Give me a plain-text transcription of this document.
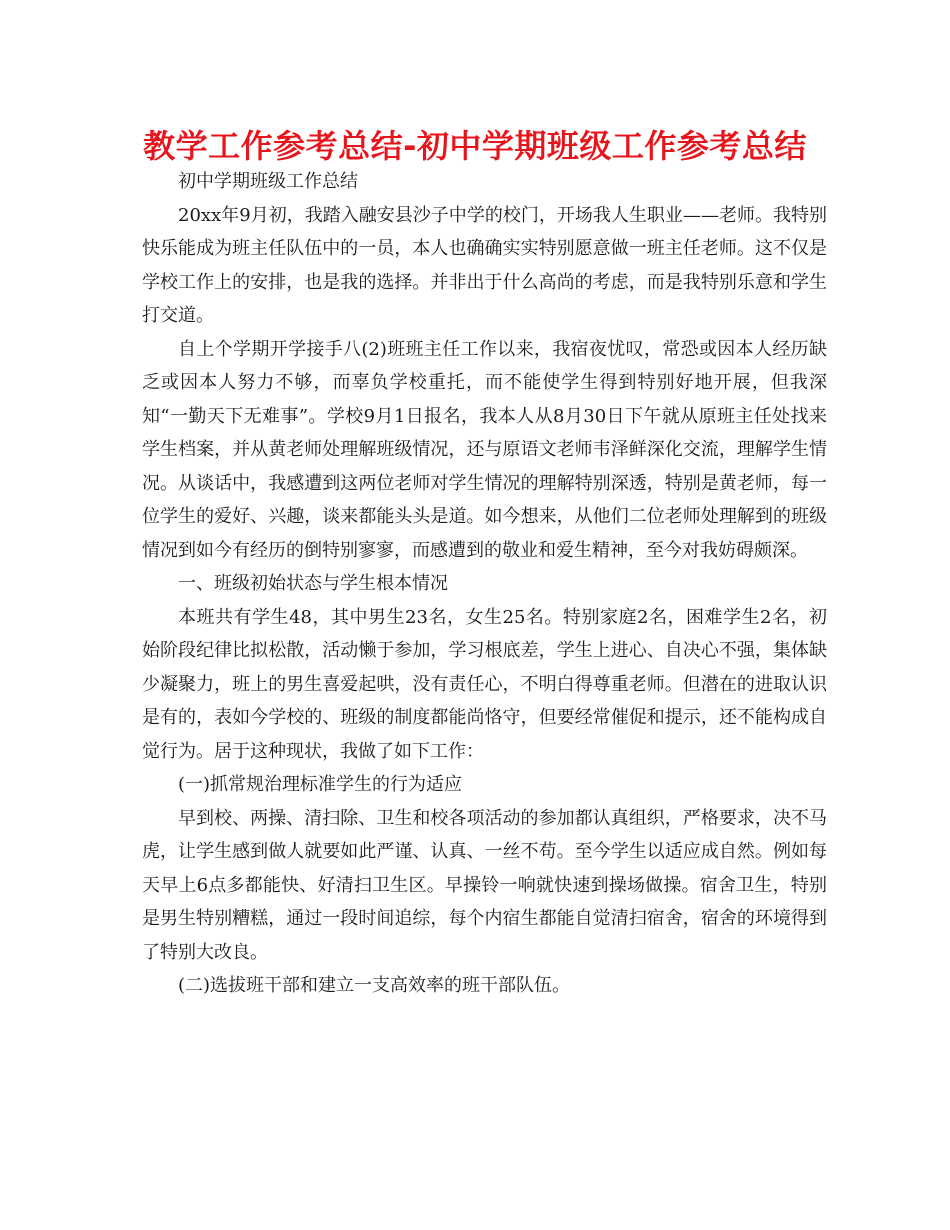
教学工作参考总结-初中学期班级工作参考总结

初中学期班级工作总结

20xx年9月初，我踏入融安县沙子中学的校门，开场我人生职业——老师。我特别快乐能成为班主任队伍中的一员，本人也确确实实特别愿意做一班主任老师。这不仅是学校工作上的安排，也是我的选择。并非出于什么高尚的考虑，而是我特别乐意和学生打交道。

自上个学期开学接手八(2)班班主任工作以来，我宿夜忧叹，常恐或因本人经历缺乏或因本人努力不够，而辜负学校重托，而不能使学生得到特别好地开展，但我深知“一勤天下无难事”。学校9月1日报名，我本人从8月30日下午就从原班主任处找来学生档案，并从黄老师处理解班级情况，还与原语文老师韦泽鲜深化交流，理解学生情况。从谈话中，我感遭到这两位老师对学生情况的理解特别深透，特别是黄老师，每一位学生的爱好、兴趣，谈来都能头头是道。如今想来，从他们二位老师处理解到的班级情况到如今有经历的倒特别寥寥，而感遭到的敬业和爱生精神，至今对我妨碍颇深。

一、班级初始状态与学生根本情况

本班共有学生48，其中男生23名，女生25名。特别家庭2名，困难学生2名，初始阶段纪律比拟松散，活动懒于参加，学习根底差，学生上进心、自决心不强，集体缺少凝聚力，班上的男生喜爱起哄，没有责任心，不明白得尊重老师。但潜在的进取认识是有的，表如今学校的、班级的制度都能尚恪守，但要经常催促和提示，还不能构成自觉行为。居于这种现状，我做了如下工作：

(一)抓常规治理标准学生的行为适应

早到校、两操、清扫除、卫生和校各项活动的参加都认真组织，严格要求，决不马虎，让学生感到做人就要如此严谨、认真、一丝不苟。至今学生以适应成自然。例如每天早上6点多都能快、好清扫卫生区。早操铃一响就快速到操场做操。宿舍卫生，特别是男生特别糟糕，通过一段时间追综，每个内宿生都能自觉清扫宿舍，宿舍的环境得到了特别大改良。

(二)选拔班干部和建立一支高效率的班干部队伍。
